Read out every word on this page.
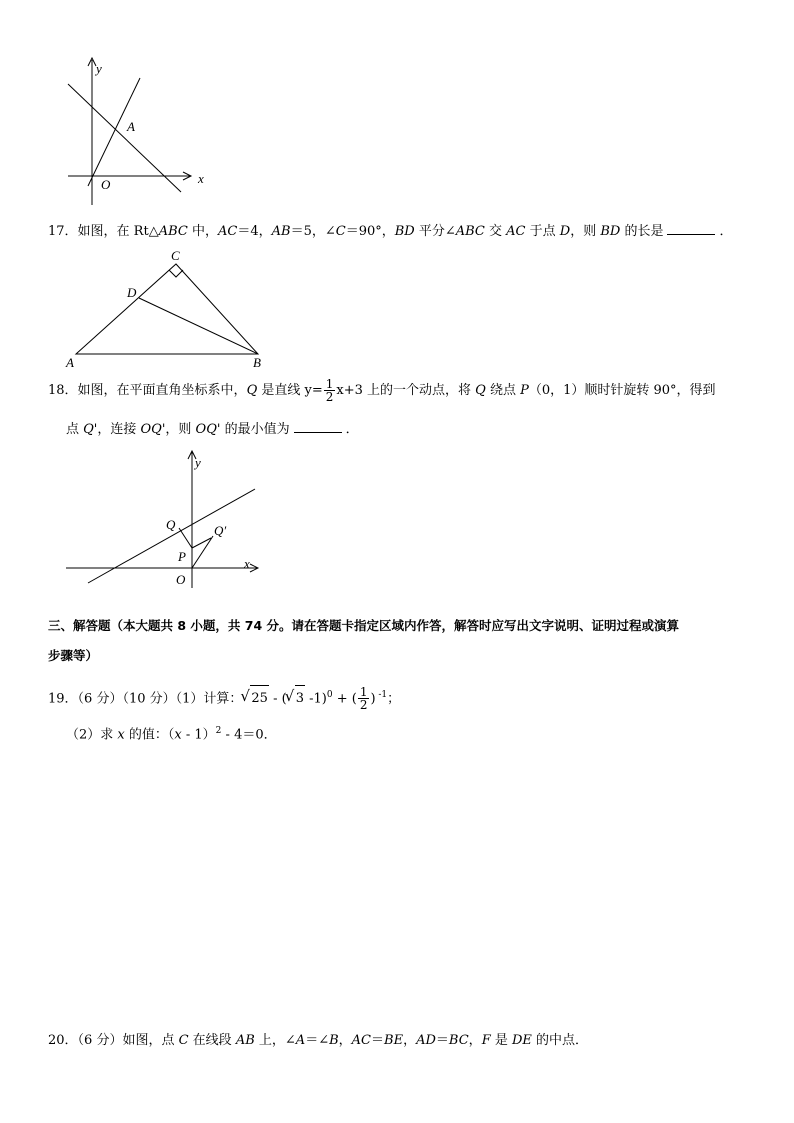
y
x
A
O
17．如图，在 Rt△ABC 中，AC＝4，AB＝5，∠C＝90°，BD 平分∠ABC 交 AC 于点 D，则 BD 的长是	．
C
D
A	B
18．如图，在平面直角坐标系中，Q 是直线 $y= \frac{1}{2} x+3$ 上的一个动点，将 Q 绕点 P（0，1）顺时针旋转 90°，得到
点 Q'，连接 OQ'，则 OQ' 的最小值为	．
y
x
Q	Q′
P
O
三、解答题（本大题共 8 小题，共 74 分。请在答题卡指定区域内作答，解答时应写出文字说明、证明过程或演算
步骤等）
19．（6 分）（10 分）（1）计算： √ 25 - ( √ 3 -1)$^0$ + ( $\frac{1}{2}$ ) $^{-1}$；
（2）求 x 的值：（x - 1）$^2$ - 4＝0．
20．（6 分）如图，点 C 在线段 AB 上，∠A＝∠B，AC＝BE，AD＝BC，F 是 DE 的中点．
